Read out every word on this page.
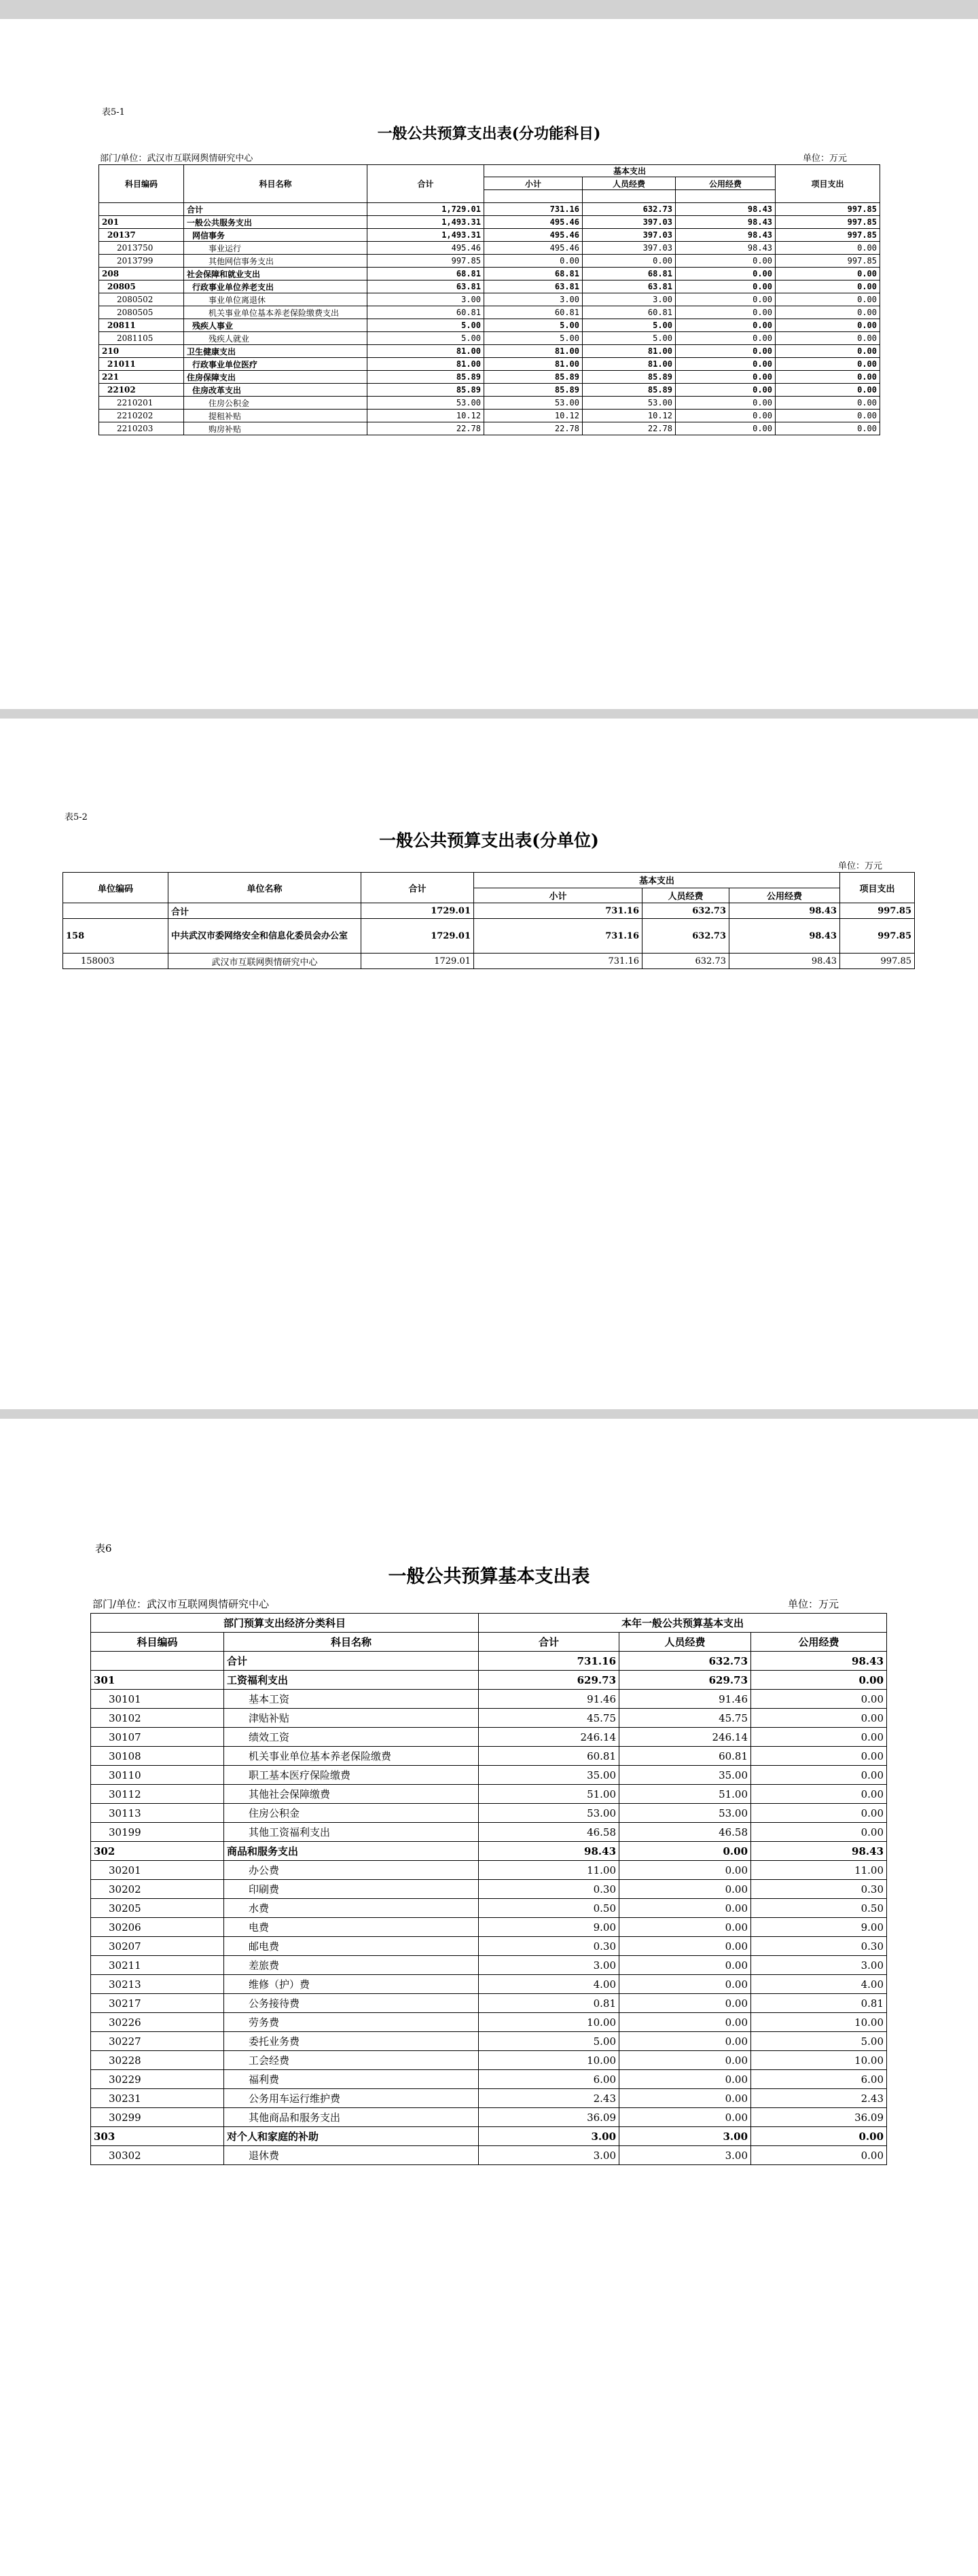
表5-1
一般公共预算支出表(分功能科目)
部门/单位：武汉市互联网舆情研究中心	单位：万元
科目编码	科目名称	合计	基本支出			项目支出
			小计	人员经费	公用经费	

	合计	1,729.01	731.16	632.73	98.43	997.85
201	一般公共服务支出	1,493.31	495.46	397.03	98.43	997.85
20137	网信事务	1,493.31	495.46	397.03	98.43	997.85
2013750	事业运行	495.46	495.46	397.03	98.43	0.00
2013799	其他网信事务支出	997.85	0.00	0.00	0.00	997.85
208	社会保障和就业支出	68.81	68.81	68.81	0.00	0.00
20805	行政事业单位养老支出	63.81	63.81	63.81	0.00	0.00
2080502	事业单位离退休	3.00	3.00	3.00	0.00	0.00
2080505	机关事业单位基本养老保险缴费支出	60.81	60.81	60.81	0.00	0.00
20811	残疾人事业	5.00	5.00	5.00	0.00	0.00
2081105	残疾人就业	5.00	5.00	5.00	0.00	0.00
210	卫生健康支出	81.00	81.00	81.00	0.00	0.00
21011	行政事业单位医疗	81.00	81.00	81.00	0.00	0.00
221	住房保障支出	85.89	85.89	85.89	0.00	0.00
22102	住房改革支出	85.89	85.89	85.89	0.00	0.00
2210201	住房公积金	53.00	53.00	53.00	0.00	0.00
2210202	提租补贴	10.12	10.12	10.12	0.00	0.00
2210203	购房补贴	22.78	22.78	22.78	0.00	0.00
表5-2
一般公共预算支出表(分单位)
单位：万元
单位编码	单位名称	合计	基本支出			项目支出
			小计	人员经费	公用经费	
	合计	1729.01	731.16	632.73	98.43	997.85
158	中共武汉市委网络安全和信息化委员会办公室	1729.01	731.16	632.73	98.43	997.85
158003	武汉市互联网舆情研究中心	1729.01	731.16	632.73	98.43	997.85
表6
一般公共预算基本支出表
部门/单位：武汉市互联网舆情研究中心	单位：万元
部门预算支出经济分类科目		本年一般公共预算基本支出		
科目编码	科目名称	合计	人员经费	公用经费
	合计	731.16	632.73	98.43
301	工资福利支出	629.73	629.73	0.00
30101	基本工资	91.46	91.46	0.00
30102	津贴补贴	45.75	45.75	0.00
30107	绩效工资	246.14	246.14	0.00
30108	机关事业单位基本养老保险缴费	60.81	60.81	0.00
30110	职工基本医疗保险缴费	35.00	35.00	0.00
30112	其他社会保障缴费	51.00	51.00	0.00
30113	住房公积金	53.00	53.00	0.00
30199	其他工资福利支出	46.58	46.58	0.00
302	商品和服务支出	98.43	0.00	98.43
30201	办公费	11.00	0.00	11.00
30202	印刷费	0.30	0.00	0.30
30205	水费	0.50	0.00	0.50
30206	电费	9.00	0.00	9.00
30207	邮电费	0.30	0.00	0.30
30211	差旅费	3.00	0.00	3.00
30213	维修（护）费	4.00	0.00	4.00
30217	公务接待费	0.81	0.00	0.81
30226	劳务费	10.00	0.00	10.00
30227	委托业务费	5.00	0.00	5.00
30228	工会经费	10.00	0.00	10.00
30229	福利费	6.00	0.00	6.00
30231	公务用车运行维护费	2.43	0.00	2.43
30299	其他商品和服务支出	36.09	0.00	36.09
303	对个人和家庭的补助	3.00	3.00	0.00
30302	退休费	3.00	3.00	0.00
